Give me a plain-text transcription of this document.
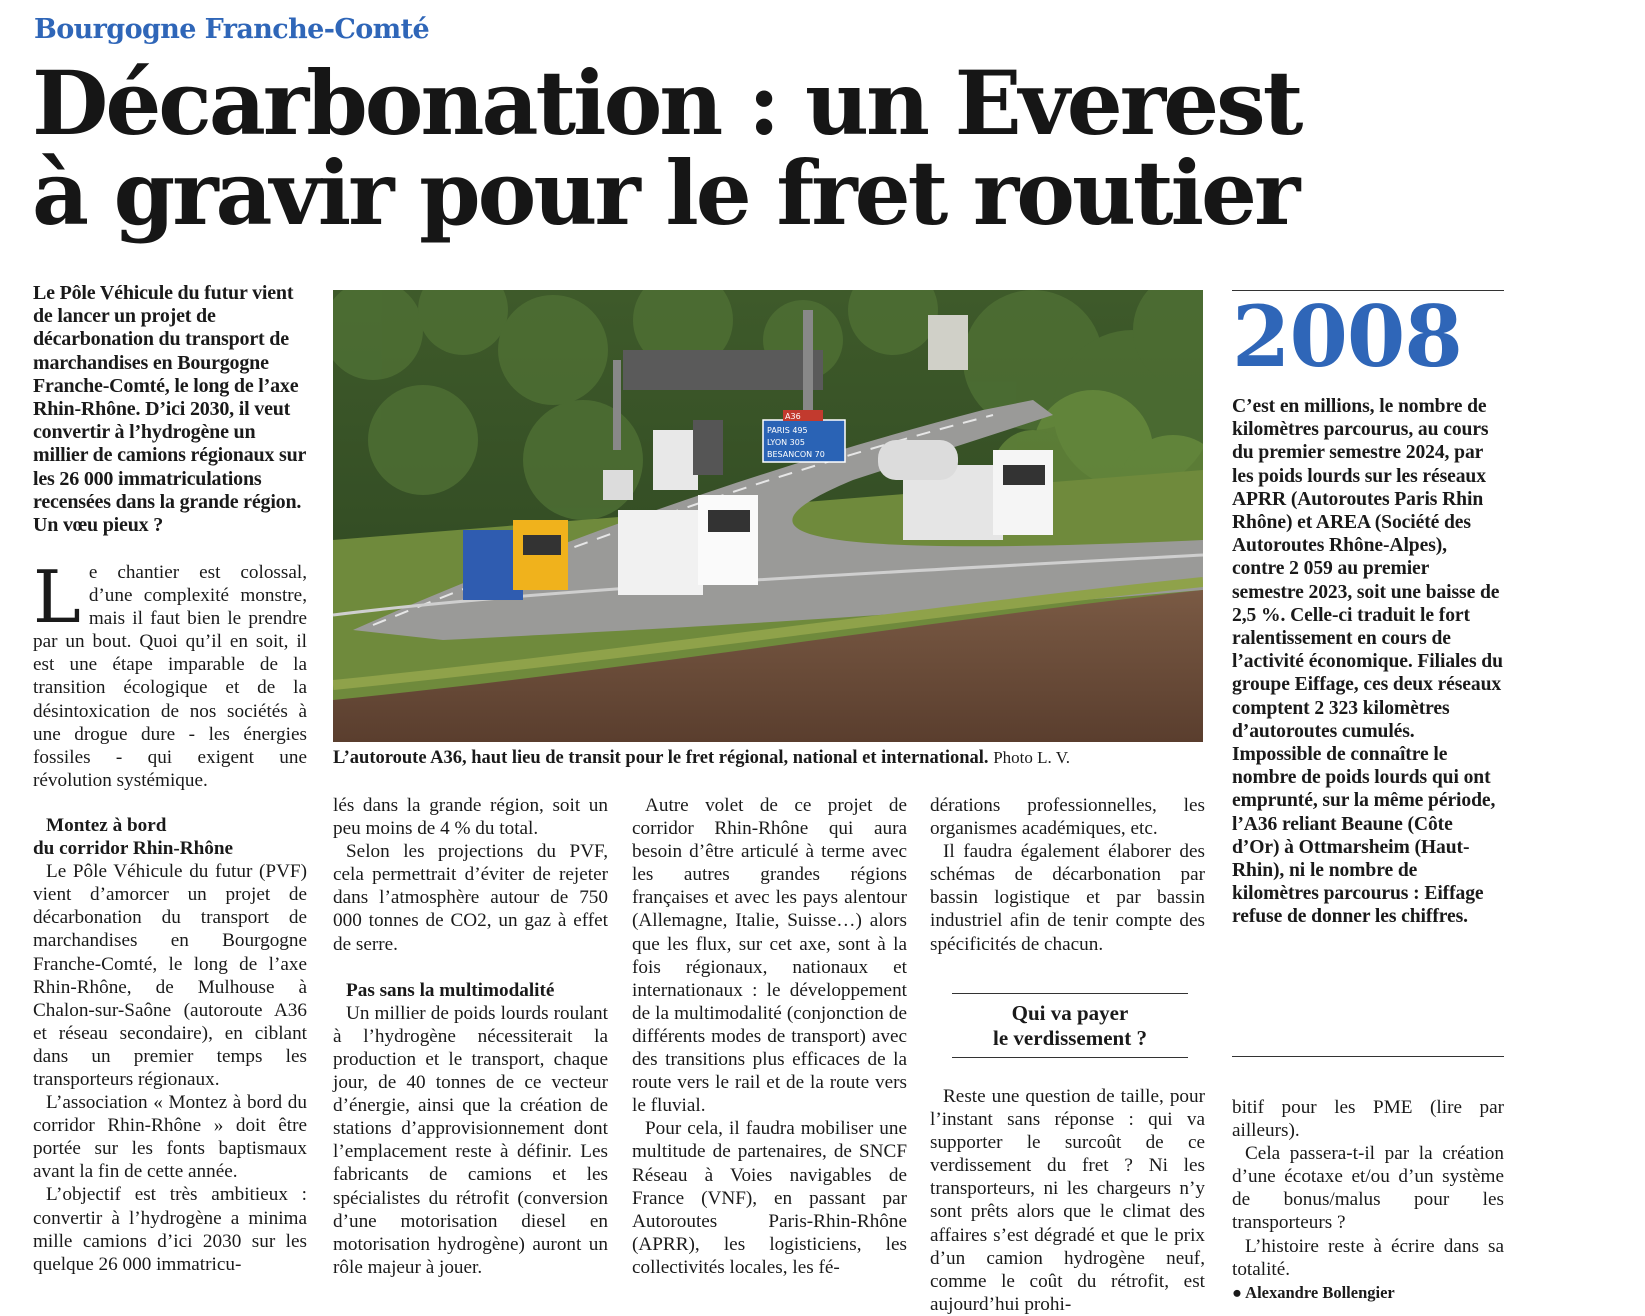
Bourgogne Franche-Comté
Décarbonation : un Everest
à gravir pour le fret routier
Le Pôle Véhicule du futur vient de lancer un projet de décarbonation du transport de marchandises en Bourgogne Franche-Comté, le long de l’axe Rhin-Rhône. D’ici 2030, il veut convertir à l’hydrogène un millier de camions régionaux sur les 26 000 immatriculations recensées dans la grande région. Un vœu pieux ?

Le chantier est colossal, d’une complexité monstre, mais il faut bien le prendre par un bout. Quoi qu’il en soit, il est une étape imparable de la transition écologique et de la désintoxication de nos sociétés à une drogue dure - les énergies fossiles - qui exigent une révolution systémique.

Montez à bord
du corridor Rhin-Rhône

Le Pôle Véhicule du futur (PVF) vient d’amorcer un projet de décarbonation du transport de marchandises en Bourgogne Franche-Comté, le long de l’axe Rhin-Rhône, de Mulhouse à Chalon-sur-Saône (autoroute A36 et réseau secondaire), en ciblant dans un premier temps les transporteurs régionaux.

L’association « Montez à bord du corridor Rhin-Rhône » doit être portée sur les fonts baptismaux avant la fin de cette année.

L’objectif est très ambitieux : convertir à l’hydrogène a minima mille camions d’ici 2030 sur les quelque 26 000 immatricu-

A36
PARIS 495
LYON 305
BESANCON 70
L’autoroute A36, haut lieu de transit pour le fret régional, national et international. Photo L. V.

lés dans la grande région, soit un peu moins de 4 % du total.

Selon les projections du PVF, cela permettrait d’éviter de rejeter dans l’atmosphère autour de 750 000 tonnes de CO2, un gaz à effet de serre.

Pas sans la multimodalité

Un millier de poids lourds roulant à l’hydrogène nécessiterait la production et le transport, chaque jour, de 40 tonnes de ce vecteur d’énergie, ainsi que la création de stations d’approvisionnement dont l’emplacement reste à définir. Les fabricants de camions et les spécialistes du rétrofit (conversion d’une motorisation diesel en motorisation hydrogène) auront un rôle majeur à jouer.

Autre volet de ce projet de corridor Rhin-Rhône qui aura besoin d’être articulé à terme avec les autres grandes régions françaises et avec les pays alentour (Allemagne, Italie, Suisse…) alors que les flux, sur cet axe, sont à la fois régionaux, nationaux et internationaux : le développement de la multimodalité (conjonction de différents modes de transport) avec des transitions plus efficaces de la route vers le rail et de la route vers le fluvial.

Pour cela, il faudra mobiliser une multitude de partenaires, de SNCF Réseau à Voies navigables de France (VNF), en passant par Autoroutes Paris-Rhin-Rhône (APRR), les logisticiens, les collectivités locales, les fé-

dérations professionnelles, les organismes académiques, etc.

Il faudra également élaborer des schémas de décarbonation par bassin logistique et par bassin industriel afin de tenir compte des spécificités de chacun.

Qui va payer
le verdissement ?

Reste une question de taille, pour l’instant sans réponse : qui va supporter le surcoût de ce verdissement du fret ? Ni les transporteurs, ni les chargeurs n’y sont prêts alors que le climat des affaires s’est dégradé et que le prix d’un camion hydrogène neuf, comme le coût du rétrofit, est aujourd’hui prohi-

2008
C’est en millions, le nombre de kilomètres parcourus, au cours du premier semestre 2024, par les poids lourds sur les réseaux APRR (Autoroutes Paris Rhin Rhône) et AREA (Société des Autoroutes Rhône-Alpes), contre 2 059 au premier semestre 2023, soit une baisse de 2,5 %. Celle-ci traduit le fort ralentissement en cours de l’activité économique. Filiales du groupe Eiffage, ces deux réseaux comptent 2 323 kilomètres d’autoroutes cumulés. Impossible de connaître le nombre de poids lourds qui ont emprunté, sur la même période, l’A36 reliant Beaune (Côte d’Or) à Ottmarsheim (Haut-Rhin), ni le nombre de kilomètres parcourus : Eiffage refuse de donner les chiffres.

bitif pour les PME (lire par ailleurs).

Cela passera-t-il par la création d’une écotaxe et/ou d’un système de bonus/malus pour les transporteurs ?

L’histoire reste à écrire dans sa totalité.

● Alexandre Bollengier
